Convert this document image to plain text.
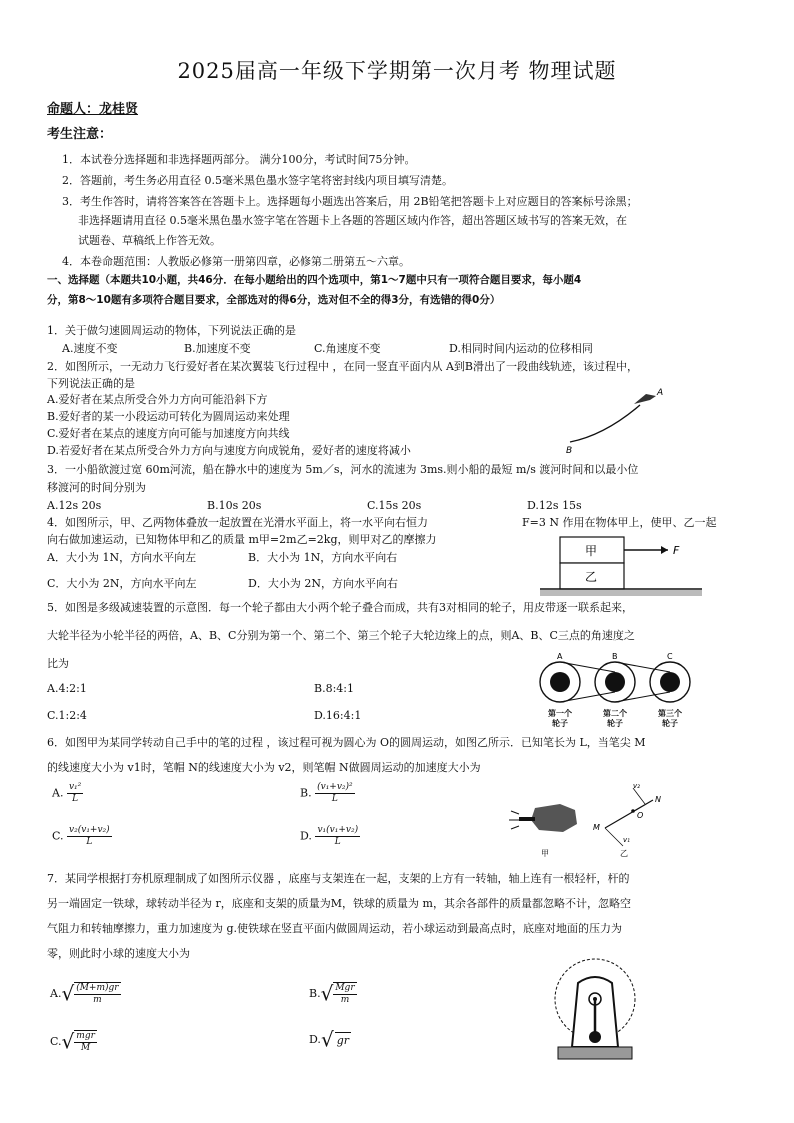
2025届高一年级下学期第一次月考 物理试题
命题人：龙桂贤
考生注意：
1．本试卷分选择题和非选择题两部分。 满分100分，考试时间75分钟。
2．答题前，考生务必用直径 0.5毫米黑色墨水签字笔将密封线内项目填写清楚。
3．考生作答时，请将答案答在答题卡上。选择题每小题选出答案后，用 2B铅笔把答题卡上对应题目的答案标号涂黑；
非选择题请用直径 0.5毫米黑色墨水签字笔在答题卡上各题的答题区域内作答，超出答题区域书写的答案无效，在
试题卷、草稿纸上作答无效。
4．本卷命题范围：人教版必修第一册第四章，必修第二册第五～六章。
一、选择题（本题共10小题，共46分．在每小题给出的四个选项中，第1～7题中只有一项符合题目要求，每小题4
分，第8～10题有多项符合题目要求，全部选对的得6分，选对但不全的得3分，有选错的得0分）
1．关于做匀速圆周运动的物体，下列说法正确的是
A.速度不变	B.加速度不变	C.角速度不变	D.相同时间内运动的位移相同
2．如图所示，一无动力飞行爱好者在某次翼装飞行过程中 ，在同一竖直平面内从 A到B滑出了一段曲线轨迹，该过程中，
下列说法正确的是
A.爱好者在某点所受合外力方向可能沿斜下方
B.爱好者的某一小段运动可转化为圆周运动来处理
C.爱好者在某点的速度方向可能与加速度方向共线
D.若爱好者在某点所受合外力方向与速度方向成锐角，爱好者的速度将减小
A
B
3．一小船欲渡过宽 60m河流，船在静水中的速度为 5m／s，河水的流速为 3ms.则小船的最短 m/s 渡河时间和以最小位
移渡河的时间分别为
A.12s 20s	B.10s 20s	C.15s 20s	D.12s 15s
4．如图所示，甲、乙两物体叠放一起放置在光滑水平面上，将一水平向右恒力	F=3 N 作用在物体甲上，使甲、乙一起
向右做加速运动，已知物体甲和乙的质量 m甲=2m乙=2kg，则甲对乙的摩擦力
A．大小为 1N，方向水平向左	B．大小为 1N，方向水平向右
C．大小为 2N，方向水平向左	D．大小为 2N，方向水平向右
甲
乙
F
5．如图是多级减速装置的示意图．每一个轮子都由大小两个轮子叠合而成，共有3对相同的轮子，用皮带逐一联系起来，
大轮半径为小轮半径的两倍，A、B、C分别为第一个、第二个、第三个轮子大轮边缘上的点，则A、B、C三点的角速度之
比为
A.4:2:1	B.8:4:1
C.1:2:4	D.16:4:1
A	B	C
第一个
轮子
第二个
轮子
第三个
轮子
6．如图甲为某同学转动自己手中的笔的过程 ，该过程可视为圆心为 O的圆周运动，如图乙所示．已知笔长为 L，当笔尖 M
的线速度大小为 v1时，笔帽 N的线速度大小为 v2，则笔帽 N做圆周运动的加速度大小为
A. $\frac{\text{v₁²}}{L}$	B. $\frac{\text{(v₁+v₂)²}}{L}$
C. $\frac{\text{v₂(v₁+v₂)}}{L}$	D. $\frac{\text{v₁(v₁+v₂)}}{L}$
v₂
N
O
M
v₁
甲	乙
7．某同学根据打夯机原理制成了如图所示仪器 ，底座与支架连在一起，支架的上方有一转轴，轴上连有一根轻杆，杆的
另一端固定一铁球，球转动半径为 r，底座和支架的质量为M，铁球的质量为 m，其余各部件的质量都忽略不计，忽略空
气阻力和转轴摩擦力，重力加速度为 g.使铁球在竖直平面内做圆周运动，若小球运动到最高点时，底座对地面的压力为
零，则此时小球的速度大小为
$A.√ \frac{(M+m)gr}{m}$	$B.√ \frac{\text{Mgr}}{m}$
$C.√ \frac{\text{mgr}}{M}$	D.√ gr
